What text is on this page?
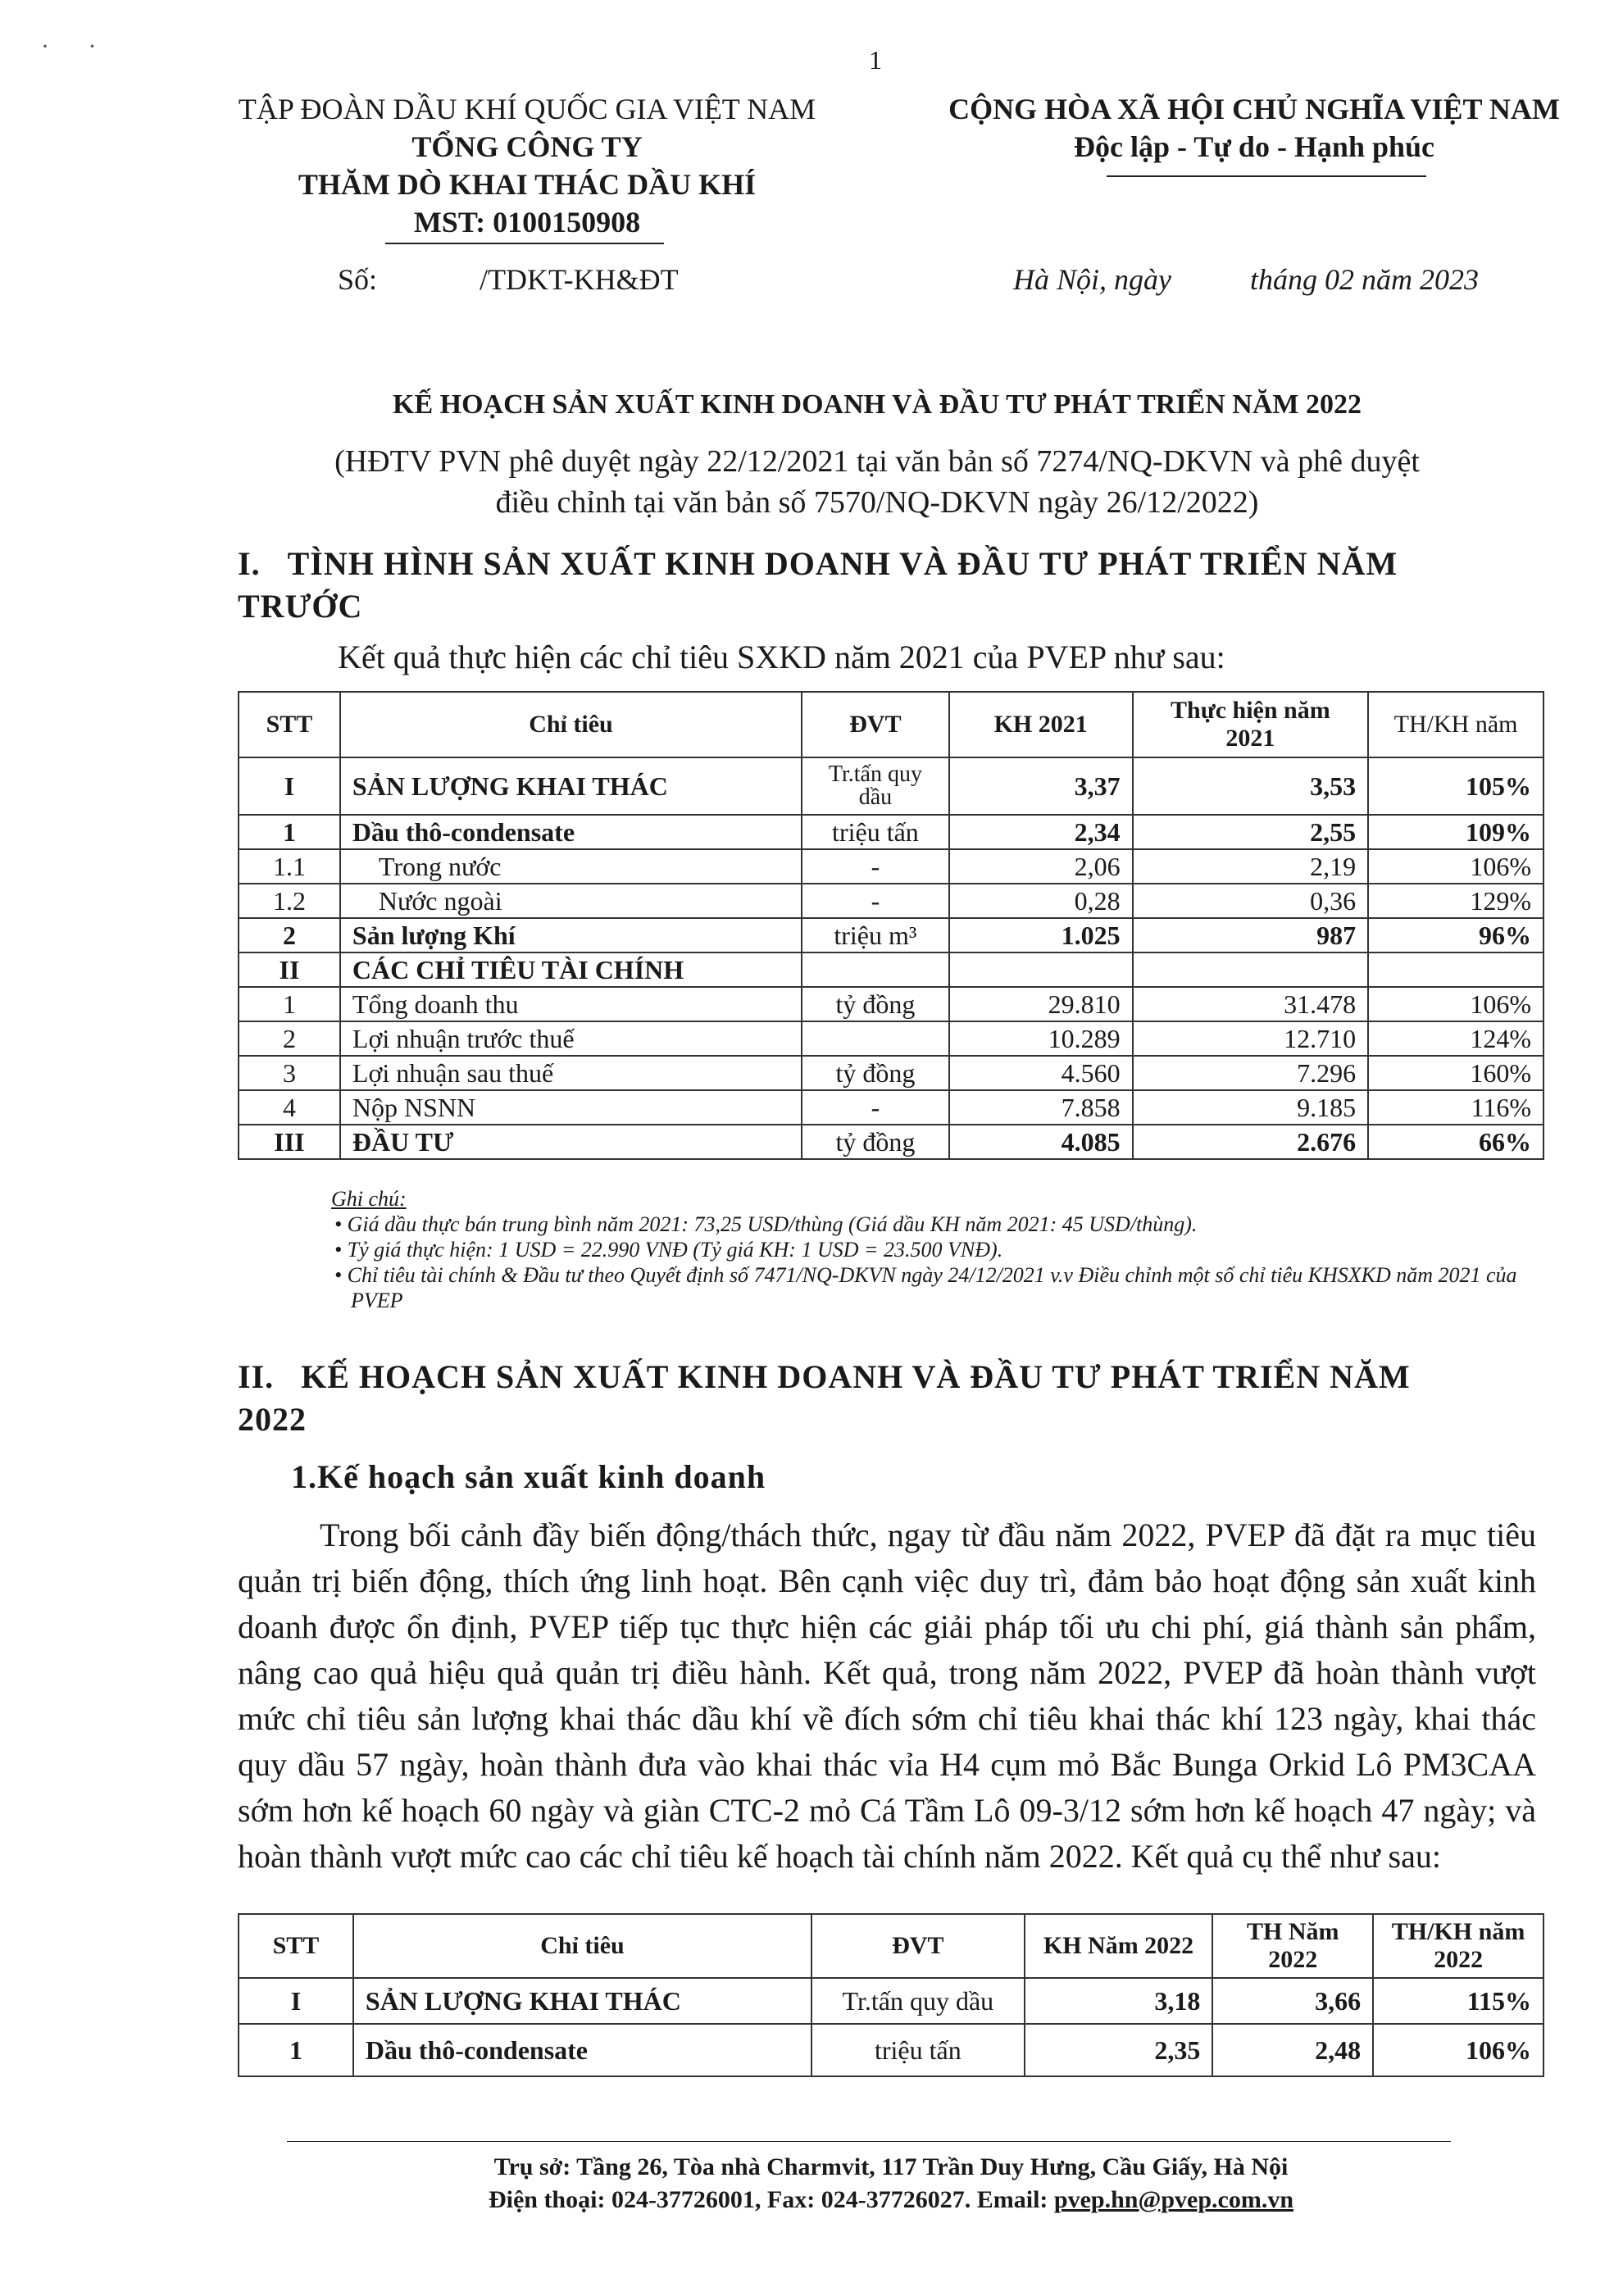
· ·	1
TẬP ĐOÀN DẦU KHÍ QUỐC GIA VIỆT NAM
TỔNG CÔNG TY
THĂM DÒ KHAI THÁC DẦU KHÍ
MST: 0100150908
CỘNG HÒA XÃ HỘI CHỦ NGHĨA VIỆT NAM
Độc lập - Tự do - Hạnh phúc
Số:	/TDKT-KH&ĐT	Hà Nội, ngày	tháng 02 năm 2023
KẾ HOẠCH SẢN XUẤT KINH DOANH VÀ ĐẦU TƯ PHÁT TRIỂN NĂM 2022
(HĐTV PVN phê duyệt ngày 22/12/2021 tại văn bản số 7274/NQ-DKVN và phê duyệt
điều chỉnh tại văn bản số 7570/NQ-DKVN ngày 26/12/2022)
I. TÌNH HÌNH SẢN XUẤT KINH DOANH VÀ ĐẦU TƯ PHÁT TRIỂN NĂM
TRƯỚC
Kết quả thực hiện các chỉ tiêu SXKD năm 2021 của PVEP như sau:
STT	Chỉ tiêu	ĐVT	KH 2021	Thực hiện năm 2021	TH/KH năm
I	SẢN LƯỢNG KHAI THÁC	Tr.tấn quy dầu	3,37	3,53	105%
1	Dầu thô-condensate	triệu tấn	2,34	2,55	109%
1.1	Trong nước	-	2,06	2,19	106%
1.2	Nước ngoài	-	0,28	0,36	129%
2	Sản lượng Khí	triệu m³	1.025	987	96%
II	CÁC CHỈ TIÊU TÀI CHÍNH				
1	Tổng doanh thu	tỷ đồng	29.810	31.478	106%
2	Lợi nhuận trước thuế		10.289	12.710	124%
3	Lợi nhuận sau thuế	tỷ đồng	4.560	7.296	160%
4	Nộp NSNN	-	7.858	9.185	116%
III	ĐẦU TƯ	tỷ đồng	4.085	2.676	66%
Ghi chú:
• Giá dầu thực bán trung bình năm 2021: 73,25 USD/thùng (Giá dầu KH năm 2021: 45 USD/thùng).
• Tỷ giá thực hiện: 1 USD = 22.990 VNĐ (Tỷ giá KH: 1 USD = 23.500 VNĐ).
• Chỉ tiêu tài chính & Đầu tư theo Quyết định số 7471/NQ-DKVN ngày 24/12/2021 v.v Điều chỉnh một số chỉ tiêu KHSXKD năm 2021 của PVEP
II. KẾ HOẠCH SẢN XUẤT KINH DOANH VÀ ĐẦU TƯ PHÁT TRIỂN NĂM
2022
1.Kế hoạch sản xuất kinh doanh
Trong bối cảnh đầy biến động/thách thức, ngay từ đầu năm 2022, PVEP đã đặt ra mục tiêu quản trị biến động, thích ứng linh hoạt. Bên cạnh việc duy trì, đảm bảo hoạt động sản xuất kinh doanh được ổn định, PVEP tiếp tục thực hiện các giải pháp tối ưu chi phí, giá thành sản phẩm, nâng cao quả hiệu quả quản trị điều hành. Kết quả, trong năm 2022, PVEP đã hoàn thành vượt mức chỉ tiêu sản lượng khai thác dầu khí về đích sớm chỉ tiêu khai thác khí 123 ngày, khai thác quy dầu 57 ngày, hoàn thành đưa vào khai thác vỉa H4 cụm mỏ Bắc Bunga Orkid Lô PM3CAA sớm hơn kế hoạch 60 ngày và giàn CTC-2 mỏ Cá Tầm Lô 09-3/12 sớm hơn kế hoạch 47 ngày; và hoàn thành vượt mức cao các chỉ tiêu kế hoạch tài chính năm 2022. Kết quả cụ thể như sau:
STT	Chỉ tiêu	ĐVT	KH Năm 2022	TH Năm 2022	TH/KH năm 2022
I	SẢN LƯỢNG KHAI THÁC	Tr.tấn quy dầu	3,18	3,66	115%
1	Dầu thô-condensate	triệu tấn	2,35	2,48	106%
Trụ sở: Tầng 26, Tòa nhà Charmvit, 117 Trần Duy Hưng, Cầu Giấy, Hà Nội
Điện thoại: 024-37726001, Fax: 024-37726027. Email: pvep.hn@pvep.com.vn
